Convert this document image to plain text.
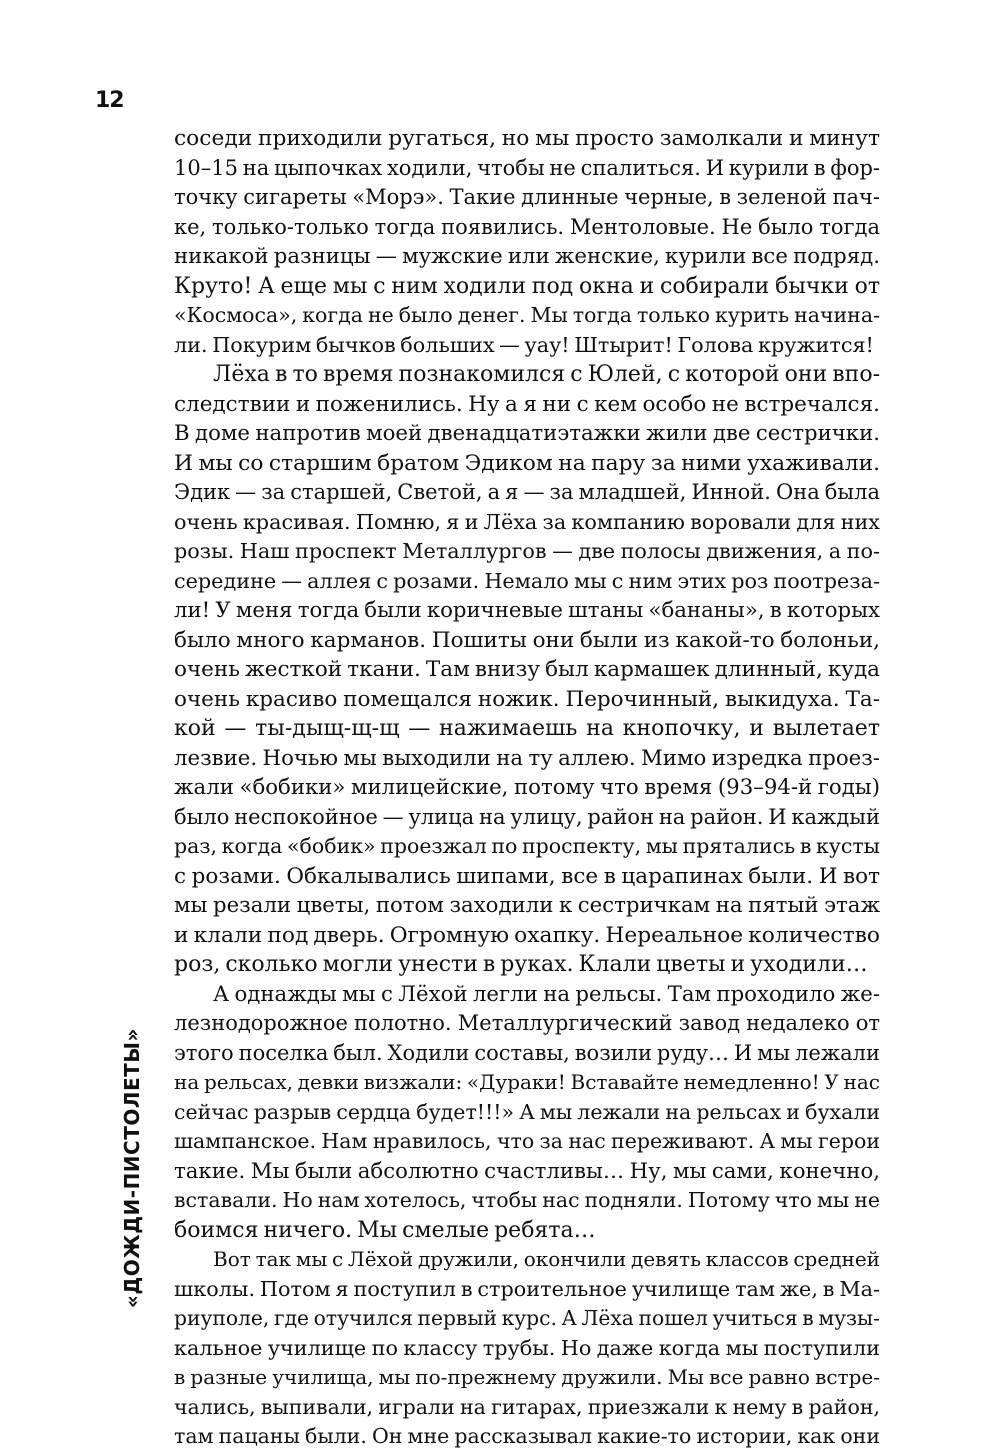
12
«ДОЖДИ-ПИСТОЛЕТЫ»
соседи приходили ругаться, но мы просто замолкали и минут
10–15 на цыпочках ходили, чтобы не спалиться. И курили в фор-
точку сигареты «Морэ». Такие длинные черные, в зеленой пач-
ке, только-только тогда появились. Ментоловые. Не было тогда
никакой разницы — мужские или женские, курили все подряд.
Круто! А еще мы с ним ходили под окна и собирали бычки от
«Космоса», когда не было денег. Мы тогда только курить начина-
ли. Покурим бычков больших — уау! Штырит! Голова кружится!
Лёха в то время познакомился с Юлей, с которой они впо-
следствии и поженились. Ну а я ни с кем особо не встречался.
В доме напротив моей двенадцатиэтажки жили две сестрички.
И мы со старшим братом Эдиком на пару за ними ухаживали.
Эдик — за старшей, Светой, а я — за младшей, Инной. Она была
очень красивая. Помню, я и Лёха за компанию воровали для них
розы. Наш проспект Металлургов — две полосы движения, а по-
середине — аллея с розами. Немало мы с ним этих роз поотреза-
ли! У меня тогда были коричневые штаны «бананы», в которых
было много карманов. Пошиты они были из какой-то болоньи,
очень жесткой ткани. Там внизу был кармашек длинный, куда
очень красиво помещался ножик. Перочинный, выкидуха. Та-
кой — ты-дыщ-щ-щ — нажимаешь на кнопочку, и вылетает
лезвие. Ночью мы выходили на ту аллею. Мимо изредка проез-
жали «бобики» милицейские, потому что время (93–94-й годы)
было неспокойное — улица на улицу, район на район. И каждый
раз, когда «бобик» проезжал по проспекту, мы прятались в кусты
с розами. Обкалывались шипами, все в царапинах были. И вот
мы резали цветы, потом заходили к сестричкам на пятый этаж
и клали под дверь. Огромную охапку. Нереальное количество
роз, сколько могли унести в руках. Клали цветы и уходили…
А однажды мы с Лёхой легли на рельсы. Там проходило же-
лезнодорожное полотно. Металлургический завод недалеко от
этого поселка был. Ходили составы, возили руду… И мы лежали
на рельсах, девки визжали: «Дураки! Вставайте немедленно! У нас
сейчас разрыв сердца будет!!!» А мы лежали на рельсах и бухали
шампанское. Нам нравилось, что за нас переживают. А мы герои
такие. Мы были абсолютно счастливы… Ну, мы сами, конечно,
вставали. Но нам хотелось, чтобы нас подняли. Потому что мы не
боимся ничего. Мы смелые ребята…
Вот так мы с Лёхой дружили, окончили девять классов средней
школы. Потом я поступил в строительное училище там же, в Ма-
риуполе, где отучился первый курс. А Лёха пошел учиться в музы-
кальное училище по классу трубы. Но даже когда мы поступили
в разные училища, мы по-прежнему дружили. Мы все равно встре-
чались, выпивали, играли на гитарах, приезжали к нему в район,
там пацаны были. Он мне рассказывал какие-то истории, как они
